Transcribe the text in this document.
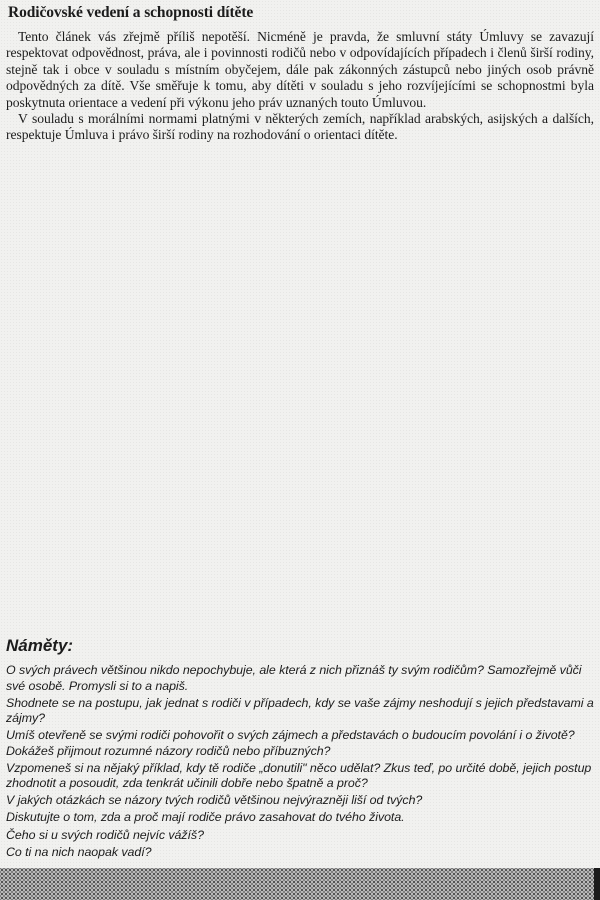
Rodičovské vedení a schopnosti dítěte

Tento článek vás zřejmě příliš nepotěší. Nicméně je pravda, že smluvní státy Úmluvy se zavazují respektovat odpovědnost, práva, ale i povinnosti rodičů nebo v odpovídajících případech i členů širší rodiny, stejně tak i obce v souladu s místním obyčejem, dále pak zákonných zástupců nebo jiných osob právně odpovědných za dítě. Vše směřuje k tomu, aby dítěti v souladu s jeho rozvíjejícími se schopnostmi byla poskytnuta orientace a vedení při výkonu jeho práv uznaných touto Úmluvou.

V souladu s morálními normami platnými v některých zemích, například arabských, asijských a dalších, respektuje Úmluva i právo širší rodiny na rozhodování o orientaci dítěte.

Náměty:
O svých právech většinou nikdo nepochybuje, ale která z nich přiznáš ty svým rodičům? Samozřejmě vůči své osobě. Promysli si to a napiš.
Shodnete se na postupu, jak jednat s rodiči v případech, kdy se vaše zájmy neshodují s jejich představami a zájmy?
Umíš otevřeně se svými rodiči pohovořit o svých zájmech a představách o budoucím povolání i o životě? Dokážeš přijmout rozumné názory rodičů nebo příbuzných?
Vzpomeneš si na nějaký příklad, kdy tě rodiče „donutili" něco udělat? Zkus teď, po určité době, jejich postup zhodnotit a posoudit, zda tenkrát učinili dobře nebo špatně a proč?
V jakých otázkách se názory tvých rodičů většinou nejvýrazněji liší od tvých?
Diskutujte o tom, zda a proč mají rodiče právo zasahovat do tvého života.
Čeho si u svých rodičů nejvíc vážíš?
Co ti na nich naopak vadí?
